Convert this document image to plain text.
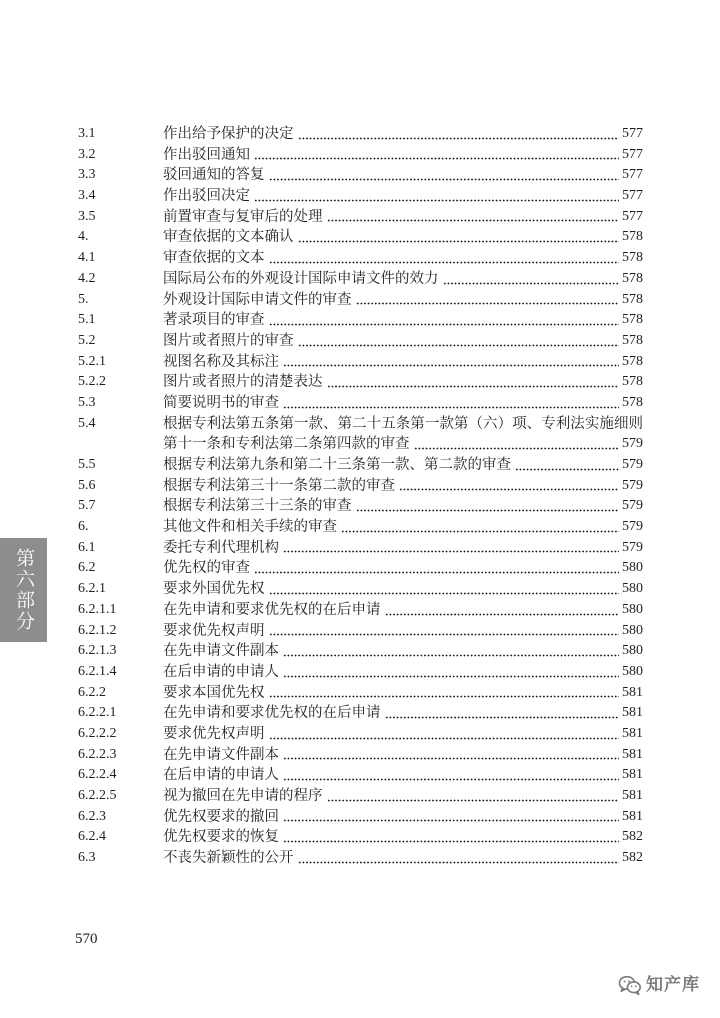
3.1	作出给予保护的决定	577
3.2	作出驳回通知	577
3.3	驳回通知的答复	577
3.4	作出驳回决定	577
3.5	前置审查与复审后的处理	577
4.	审查依据的文本确认	578
4.1	审查依据的文本	578
4.2	国际局公布的外观设计国际申请文件的效力	578
5.	外观设计国际申请文件的审查	578
5.1	著录项目的审查	578
5.2	图片或者照片的审查	578
5.2.1	视图名称及其标注	578
5.2.2	图片或者照片的清楚表达	578
5.3	简要说明书的审查	578
5.4	根据专利法第五条第一款、第二十五条第一款第（六）项、专利法实施细则
第十一条和专利法第二条第四款的审查	579
5.5	根据专利法第九条和第二十三条第一款、第二款的审查	579
5.6	根据专利法第三十一条第二款的审查	579
5.7	根据专利法第三十三条的审查	579
6.	其他文件和相关手续的审查	579
6.1	委托专利代理机构	579
6.2	优先权的审查	580
6.2.1	要求外国优先权	580
6.2.1.1	在先申请和要求优先权的在后申请	580
6.2.1.2	要求优先权声明	580
6.2.1.3	在先申请文件副本	580
6.2.1.4	在后申请的申请人	580
6.2.2	要求本国优先权	581
6.2.2.1	在先申请和要求优先权的在后申请	581
6.2.2.2	要求优先权声明	581
6.2.2.3	在先申请文件副本	581
6.2.2.4	在后申请的申请人	581
6.2.2.5	视为撤回在先申请的程序	581
6.2.3	优先权要求的撤回	581
6.2.4	优先权要求的恢复	582
6.3	不丧失新颖性的公开	582
第六部分
570
知产库
